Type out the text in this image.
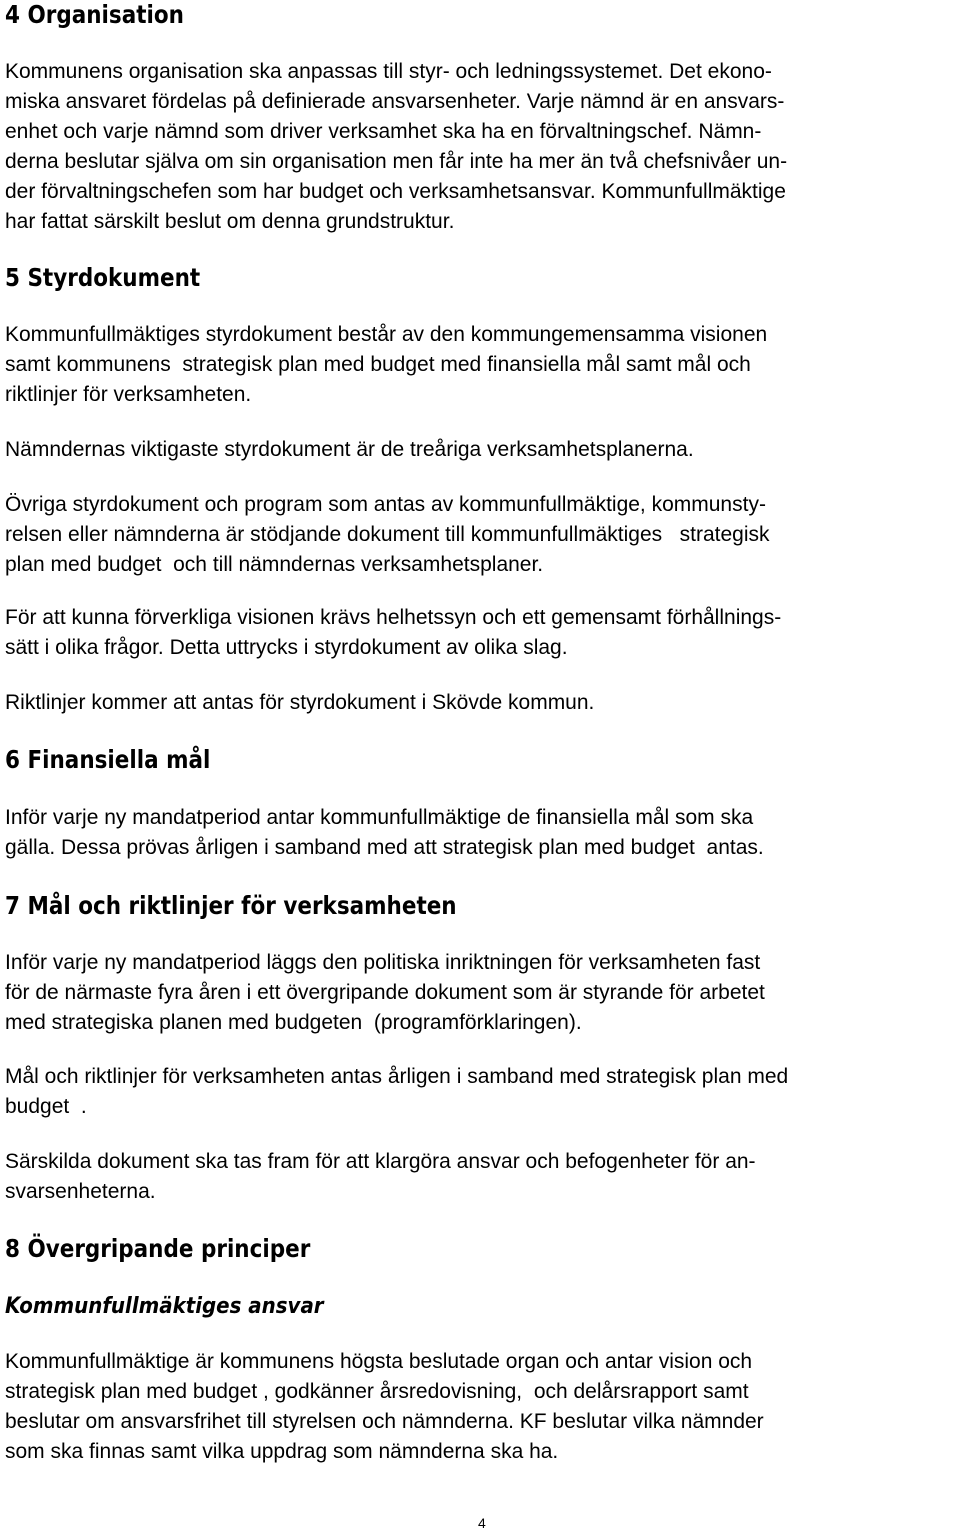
4 Organisation
Kommunens organisation ska anpassas till styr- och ledningssystemet. Det ekono-
miska ansvaret fördelas på definierade ansvarsenheter. Varje nämnd är en ansvars-
enhet och varje nämnd som driver verksamhet ska ha en förvaltningschef. Nämn-
derna beslutar själva om sin organisation men får inte ha mer än två chefsnivåer un-
der förvaltningschefen som har budget och verksamhetsansvar. Kommunfullmäktige
har fattat särskilt beslut om denna grundstruktur.
5 Styrdokument
Kommunfullmäktiges styrdokument består av den kommungemensamma visionen
samt kommunens  strategisk plan med budget med finansiella mål samt mål och
riktlinjer för verksamheten.
Nämndernas viktigaste styrdokument är de treåriga verksamhetsplanerna.
Övriga styrdokument och program som antas av kommunfullmäktige, kommunsty-
relsen eller nämnderna är stödjande dokument till kommunfullmäktiges   strategisk
plan med budget  och till nämndernas verksamhetsplaner.
För att kunna förverkliga visionen krävs helhetssyn och ett gemensamt förhållnings-
sätt i olika frågor. Detta uttrycks i styrdokument av olika slag.
Riktlinjer kommer att antas för styrdokument i Skövde kommun.
6 Finansiella mål
Inför varje ny mandatperiod antar kommunfullmäktige de finansiella mål som ska
gälla. Dessa prövas årligen i samband med att strategisk plan med budget  antas.
7 Mål och riktlinjer för verksamheten
Inför varje ny mandatperiod läggs den politiska inriktningen för verksamheten fast
för de närmaste fyra åren i ett övergripande dokument som är styrande för arbetet
med strategiska planen med budgeten  (programförklaringen).
Mål och riktlinjer för verksamheten antas årligen i samband med strategisk plan med
budget  .
Särskilda dokument ska tas fram för att klargöra ansvar och befogenheter för an-
svarsenheterna.
8 Övergripande principer
Kommunfullmäktiges ansvar
Kommunfullmäktige är kommunens högsta beslutade organ och antar vision och
strategisk plan med budget , godkänner årsredovisning,  och delårsrapport samt
beslutar om ansvarsfrihet till styrelsen och nämnderna. KF beslutar vilka nämnder
som ska finnas samt vilka uppdrag som nämnderna ska ha.
4
